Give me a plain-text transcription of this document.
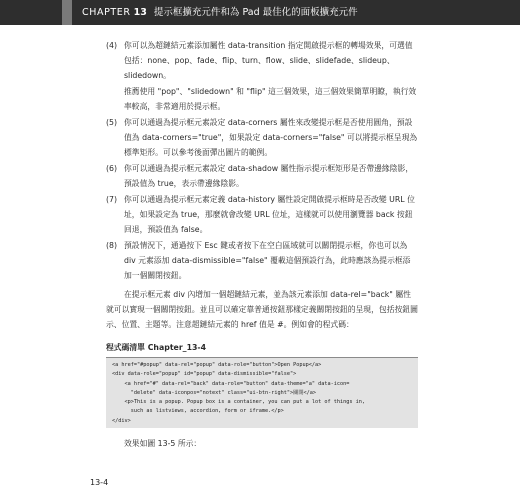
CHAPTER 13 提示框擴充元件和為 Pad 最佳化的面板擴充元件
(4) 你可以為超鏈結元素添加屬性 data-transition 指定開啟提示框的轉場效果，可選值包括：none、pop、fade、flip、turn、flow、slide、slidefade、slideup、slidedown。

推薦使用 "pop"、"slidedown" 和 "flip" 這三個效果，這三個效果簡單明瞭，執行效率較高，非常適用於提示框。

(5) 你可以通過為提示框元素設定 data-corners 屬性來改變提示框是否使用圓角，預設值為 data-corners="true"，如果設定 data-corners="false" 可以將提示框呈現為標準矩形。可以參考後面彈出圖片的範例。

(6) 你可以通過為提示框元素設定 data-shadow 屬性指示提示框矩形是否帶邊緣陰影，預設值為 true，表示帶邊緣陰影。

(7) 你可以通過為提示框元素定義 data-history 屬性設定開啟提示框時是否改變 URL 位址，如果設定為 true，那麼就會改變 URL 位址，這樣就可以使用瀏覽器 back 按鈕回退，預設值為 false。

(8) 預設情況下，通過按下 Esc 鍵或者按下在空白區域就可以關閉提示框，你也可以為 div 元素添加 data-dismissible="false" 覆載這個預設行為，此時應該為提示框添加一個關閉按鈕。

在提示框元素 div 內增加一個超鏈結元素，並為該元素添加 data-rel="back" 屬性就可以實現一個關閉按鈕。並且可以確定靠普通按鈕那樣定義關閉按鈕的呈現，包括按鈕圖示、位置、主題等。注意超鏈結元素的 href 值是 #。例如會的程式碼：

程式碼清單 Chapter_13-4
<a href="#popup" data-rel="popup" data-role="button">Open Popup</a>
<div data-role="popup" id="popup" data-dismissible="false">
<a href="#" data-rel="back" data-role="button" data-theme="a" data-icon=
"delete" data-iconpos="notext" class="ui-btn-right">關閉</a>
<p>This is a popup. Popup box is a container, you can put a lot of things in,
such as listviews, accordion, form or iframe.</p>
</div>
效果如圖 13-5 所示：
13-4
